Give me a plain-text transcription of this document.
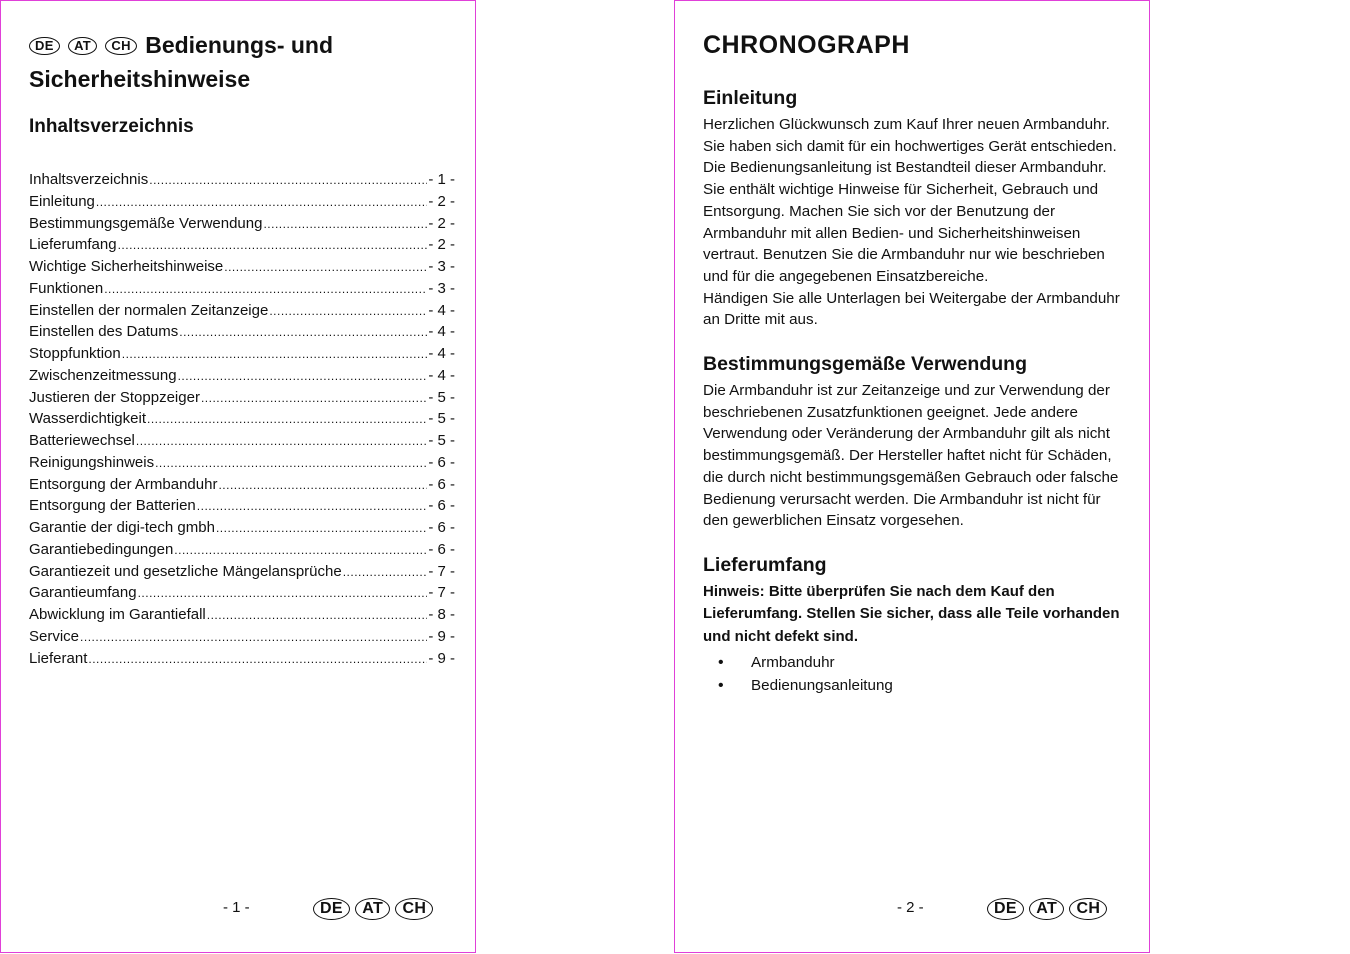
DE AT CH Bedienungs- und Sicherheitshinweise
Inhaltsverzeichnis
Inhaltsverzeichnis .....	- 1 -
Einleitung .....	- 2 -
Bestimmungsgemäße Verwendung .....	- 2 -
Lieferumfang .....	- 2 -
Wichtige Sicherheitshinweise .....	- 3 -
Funktionen .....	- 3 -
Einstellen der normalen Zeitanzeige .....	- 4 -
Einstellen des Datums .....	- 4 -
Stoppfunktion .....	- 4 -
Zwischenzeitmessung .....	- 4 -
Justieren der Stoppzeiger .....	- 5 -
Wasserdichtigkeit .....	- 5 -
Batteriewechsel .....	- 5 -
Reinigungshinweis .....	- 6 -
Entsorgung der Armbanduhr .....	- 6 -
Entsorgung der Batterien .....	- 6 -
Garantie der digi-tech gmbh .....	- 6 -
Garantiebedingungen .....	- 6 -
Garantiezeit und gesetzliche Mängelansprüche .....	- 7 -
Garantieumfang .....	- 7 -
Abwicklung im Garantiefall .....	- 8 -
Service .....	- 9 -
Lieferant .....	- 9 -
- 1 -	DE AT CH
CHRONOGRAPH
Einleitung

Herzlichen Glückwunsch zum Kauf Ihrer neuen Armbanduhr. Sie haben sich damit für ein hochwertiges Gerät entschieden. Die Bedienungsanleitung ist Bestandteil dieser Armbanduhr. Sie enthält wichtige Hinweise für Sicherheit, Gebrauch und Entsorgung. Machen Sie sich vor der Benutzung der Armbanduhr mit allen Bedien- und Sicherheitshinweisen vertraut. Benutzen Sie die Armbanduhr nur wie beschrieben und für die angegebenen Einsatzbereiche.

Händigen Sie alle Unterlagen bei Weitergabe der Armbanduhr an Dritte mit aus.

Bestimmungsgemäße Verwendung

Die Armbanduhr ist zur Zeitanzeige und zur Verwendung der beschriebenen Zusatzfunktionen geeignet. Jede andere Verwendung oder Veränderung der Armbanduhr gilt als nicht bestimmungsgemäß. Der Hersteller haftet nicht für Schäden, die durch nicht bestimmungsgemäßen Gebrauch oder falsche Bedienung verursacht werden. Die Armbanduhr ist nicht für den gewerblichen Einsatz vorgesehen.

Lieferumfang

Hinweis: Bitte überprüfen Sie nach dem Kauf den Lieferumfang. Stellen Sie sicher, dass alle Teile vorhanden und nicht defekt sind.

• Armbanduhr
• Bedienungsanleitung
- 2 -	DE AT CH
